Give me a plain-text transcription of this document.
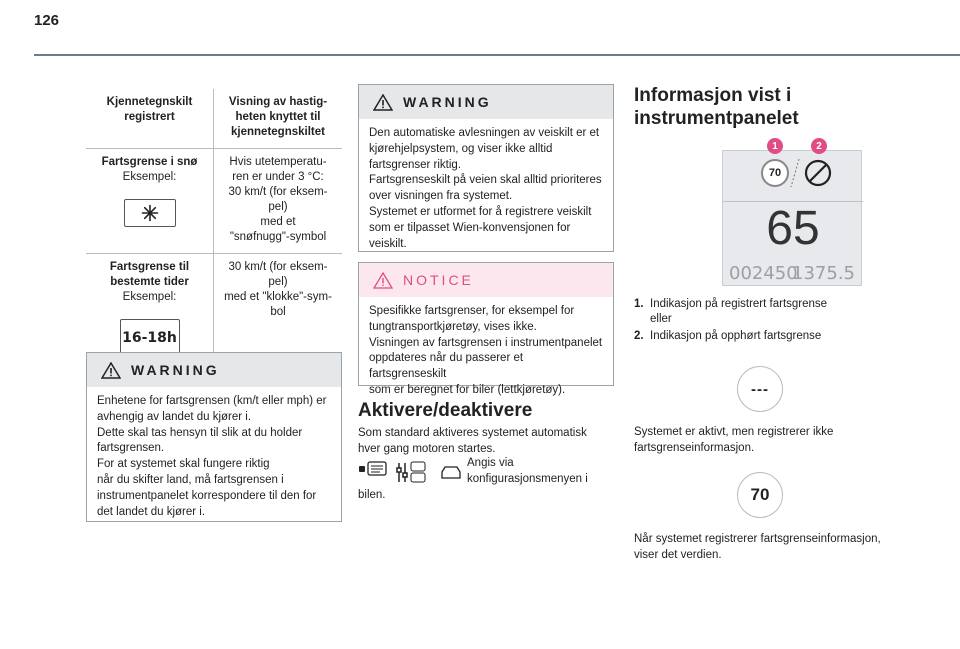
126
Kjennetegnskilt registrert
Visning av hastig-heten knyttet til kjennetegnskiltet
Fartsgrense i snø
Eksempel:
Hvis utetemperatu-
ren er under 3 °C:
30 km/t (for eksem-
pel)
med et
"snøfnugg"-symbol
Fartsgrense til bestemte tider
Eksempel:
16-18h
30 km/t (for eksem-
pel)
med et "klokke"-sym-
bol
WARNING

Enhetene for fartsgrensen (km/t eller mph) er

avhengig av landet du kjører i.

Dette skal tas hensyn til slik at du holder

fartsgrensen.

For at systemet skal fungere riktig

når du skifter land, må fartsgrensen i

instrumentpanelet korrespondere til den for

det landet du kjører i.

WARNING

Den automatiske avlesningen av veiskilt er et

kjørehjelpsystem, og viser ikke alltid

fartsgrenser riktig.

Fartsgrenseskilt på veien skal alltid prioriteres

over visningen fra systemet.

Systemet er utformet for å registrere veiskilt

som er tilpasset Wien-konvensjonen for

veiskilt.

NOTICE

Spesifikke fartsgrenser, for eksempel for

tungtransportkjøretøy, vises ikke.

Visningen av fartsgrensen i instrumentpanelet

oppdateres når du passerer et fartsgrenseskilt

som er beregnet for biler (lettkjøretøy).

Aktivere/deaktivere

Som standard aktiveres systemet automatisk

hver gang motoren startes.

Angis via

konfigurasjonsmenyen i

bilen.
Informasjon vist i
instrumentpanelet
70
65
002450
1375.5
1	2
1. Indikasjon på registrert fartsgrense
eller
2. Indikasjon på opphørt fartsgrense
---

Systemet er aktivt, men registrerer ikke

fartsgrenseinformasjon.

70

Når systemet registrerer fartsgrenseinformasjon,

viser det verdien.
